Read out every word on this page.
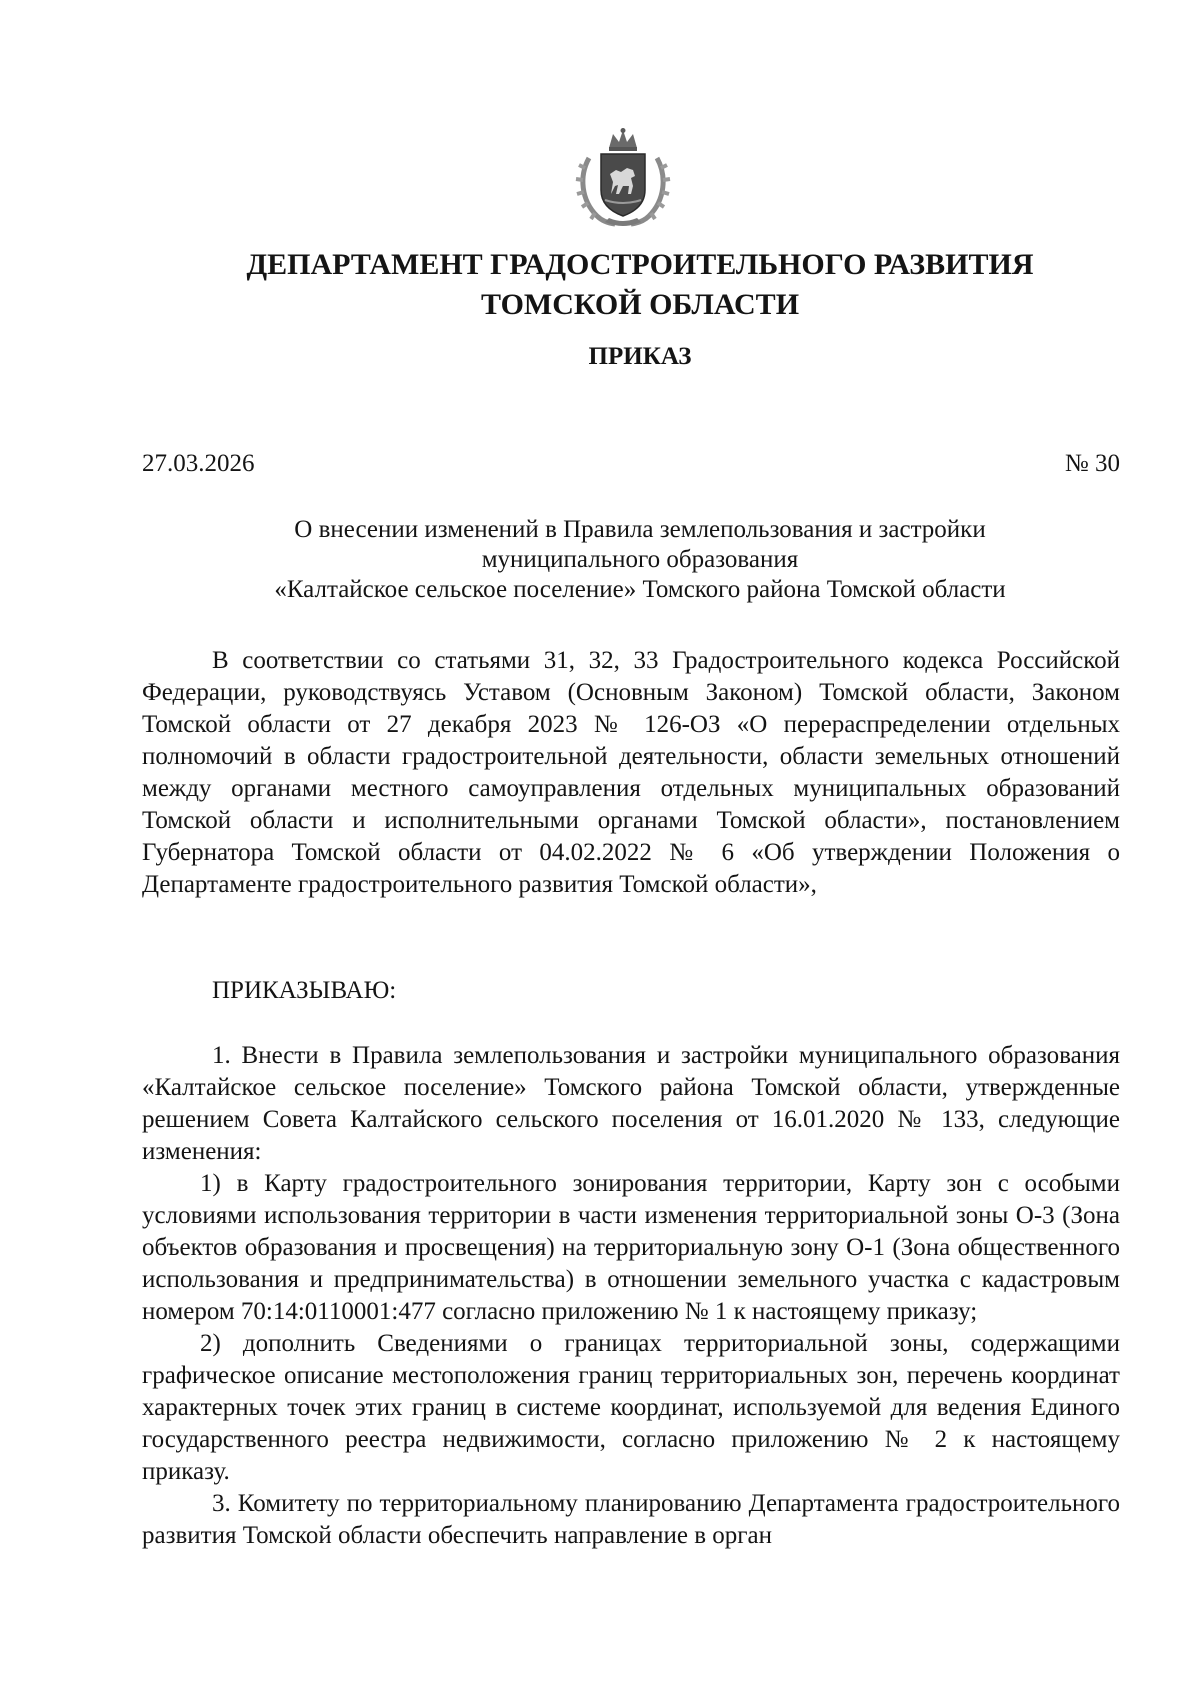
ДЕПАРТАМЕНТ ГРАДОСТРОИТЕЛЬНОГО РАЗВИТИЯ
ТОМСКОЙ ОБЛАСТИ
ПРИКАЗ
27.03.2026	№ 30
О внесении изменений в Правила землепользования и застройки
муниципального образования
«Калтайское сельское поселение» Томского района Томской области

В соответствии со статьями 31, 32, 33 Градостроительного кодекса Российской Федерации, руководствуясь Уставом (Основным Законом) Томской области, Законом Томской области от 27 декабря 2023 № 126-ОЗ «О перераспределении отдельных полномочий в области градостроительной деятельности, области земельных отношений между органами местного самоуправления отдельных муниципальных образований Томской области и исполнительными органами Томской области», постановлением Губернатора Томской области от 04.02.2022 № 6 «Об утверждении Положения о Департаменте градостроительного развития Томской области»,

ПРИКАЗЫВАЮ:

1. Внести в Правила землепользования и застройки муниципального образования «Калтайское сельское поселение» Томского района Томской области, утвержденные решением Совета Калтайского сельского поселения от 16.01.2020 № 133, следующие изменения:

1) в Карту градостроительного зонирования территории, Карту зон с особыми условиями использования территории в части изменения территориальной зоны О-3 (Зона объектов образования и просвещения) на территориальную зону О-1 (Зона общественного использования и предпринимательства) в отношении земельного участка с кадастровым номером 70:14:0110001:477 согласно приложению № 1 к настоящему приказу;

2) дополнить Сведениями о границах территориальной зоны, содержащими графическое описание местоположения границ территориальных зон, перечень координат характерных точек этих границ в системе координат, используемой для ведения Единого государственного реестра недвижимости, согласно приложению № 2 к настоящему приказу.

3. Комитету по территориальному планированию Департамента градостроительного развития Томской области обеспечить направление в орган
